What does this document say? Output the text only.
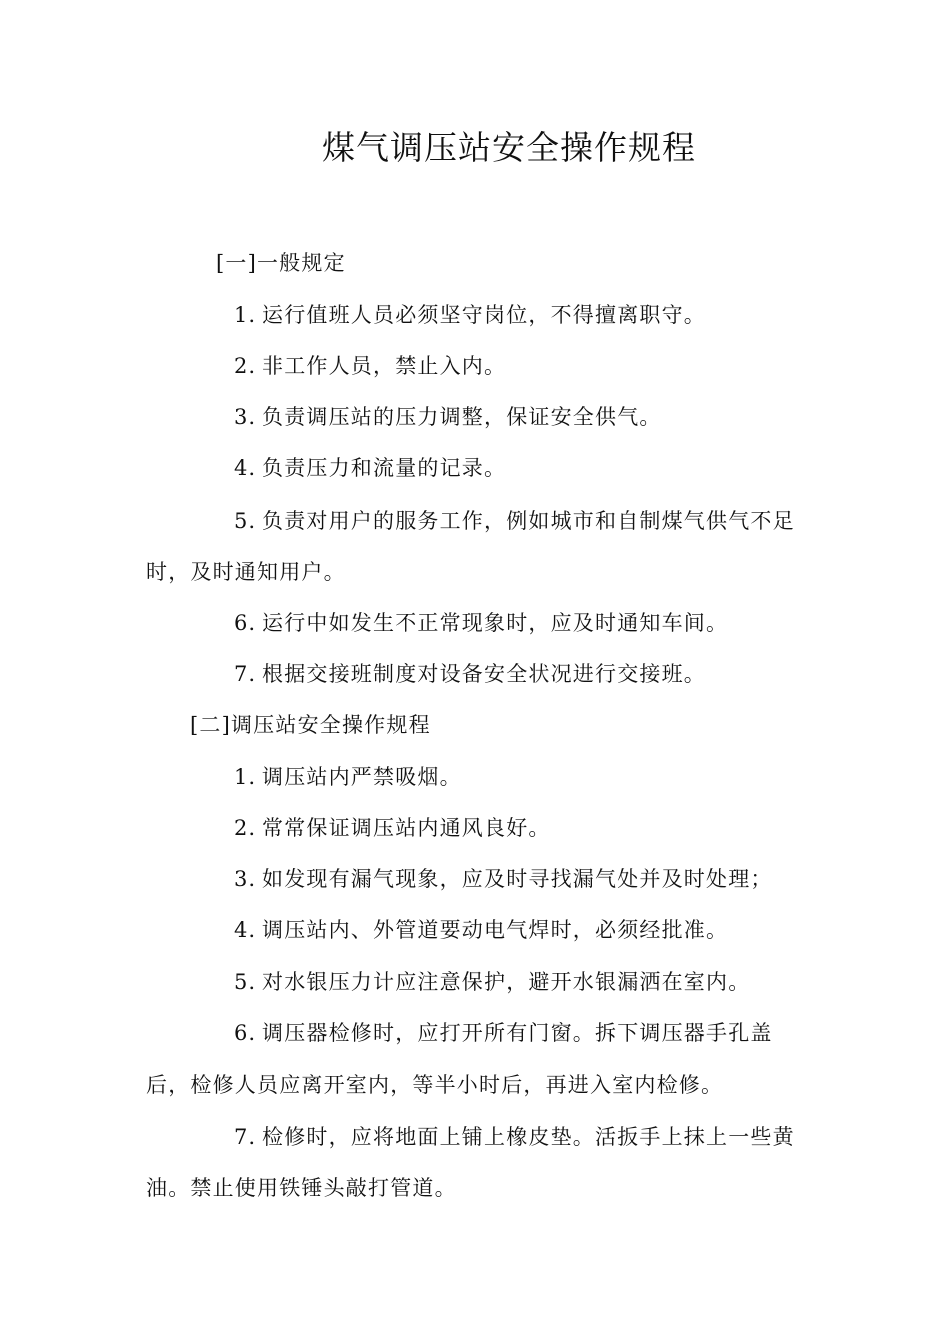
煤气调压站安全操作规程
[一]一般规定
1．运行值班人员必须坚守岗位，不得擅离职守。
2．非工作人员，禁止入内。
3．负责调压站的压力调整，保证安全供气。
4．负责压力和流量的记录。
5．负责对用户的服务工作，例如城市和自制煤气供气不足
时，及时通知用户。
6．运行中如发生不正常现象时，应及时通知车间。
7．根据交接班制度对设备安全状况进行交接班。
[二]调压站安全操作规程
1．调压站内严禁吸烟。
2．常常保证调压站内通风良好。
3．如发现有漏气现象，应及时寻找漏气处并及时处理；
4．调压站内、外管道要动电气焊时，必须经批准。
5．对水银压力计应注意保护，避开水银漏洒在室内。
6．调压器检修时，应打开所有门窗。拆下调压器手孔盖
后，检修人员应离开室内，等半小时后，再进入室内检修。
7．检修时，应将地面上铺上橡皮垫。活扳手上抹上一些黄
油。禁止使用铁锤头敲打管道。
